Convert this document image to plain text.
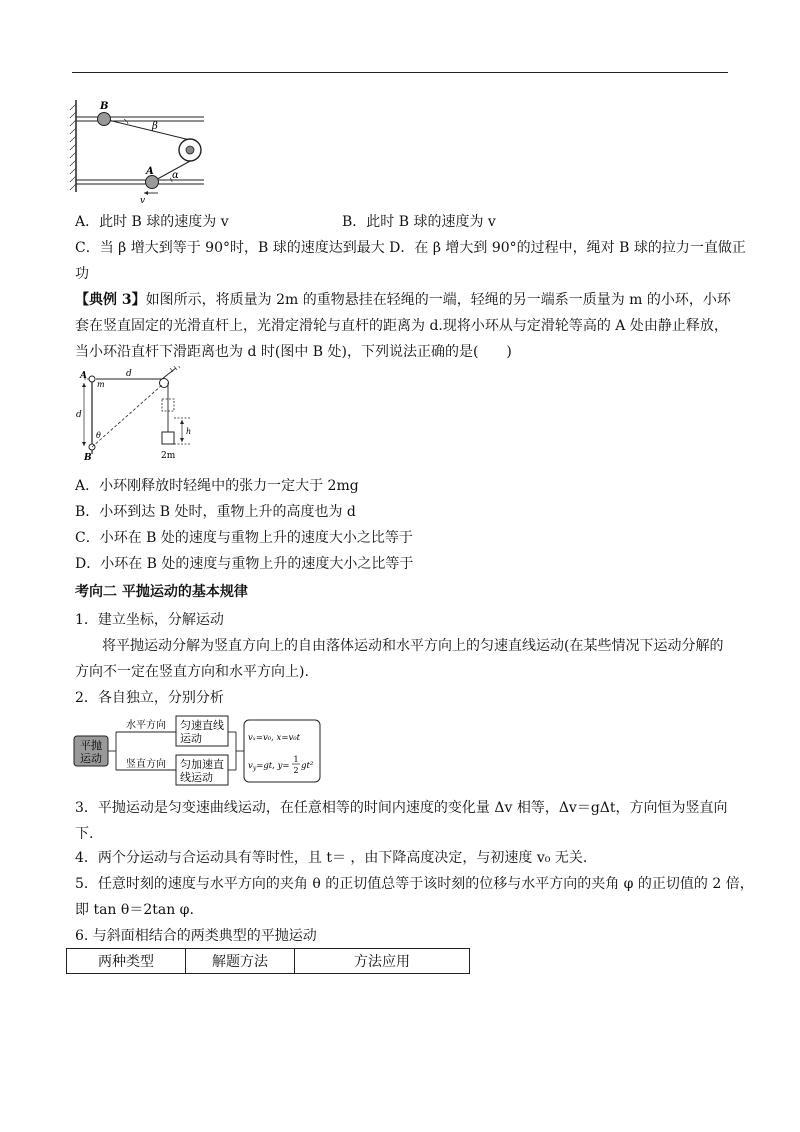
B
β
A α
v
A．此时 B 球的速度为 v	B．此时 B 球的速度为 v
C．当 β 增大到等于 90°时，B 球的速度达到最大 D．在 β 增大到 90°的过程中，绳对 B 球的拉力一直做正
功
【典例 3】如图所示，将质量为 2m 的重物悬挂在轻绳的一端，轻绳的另一端系一质量为 m 的小环，小环
套在竖直固定的光滑直杆上，光滑定滑轮与直杆的距离为 d.现将小环从与定滑轮等高的 A 处由静止释放，
当小环沿直杆下滑距离也为 d 时(图中 B 处)，下列说法正确的是(　　)
A
m
d
d
θ
B
h
2m
A．小环刚释放时轻绳中的张力一定大于 2mg
B．小环到达 B 处时，重物上升的高度也为 d
C．小环在 B 处的速度与重物上升的速度大小之比等于
D．小环在 B 处的速度与重物上升的速度大小之比等于
考向二 平抛运动的基本规律
1．建立坐标，分解运动
将平抛运动分解为竖直方向上的自由落体运动和水平方向上的匀速直线运动(在某些情况下运动分解的
方向不一定在竖直方向和水平方向上).
2．各自独立，分别分析
平抛
运动
水平方向
竖直方向
匀速直线
运动
匀加速直
线运动
vₓ=v₀, x=v₀t
$v_y=gt$, y=
1
2 gt²
3．平抛运动是匀变速曲线运动，在任意相等的时间内速度的变化量 Δv 相等，Δv＝gΔt，方向恒为竖直向
下.
4．两个分运动与合运动具有等时性，且 t＝ ，由下降高度决定，与初速度 v₀ 无关.
5．任意时刻的速度与水平方向的夹角 θ 的正切值总等于该时刻的位移与水平方向的夹角 φ 的正切值的 2 倍，
即 tan θ＝2tan φ.
6. 与斜面相结合的两类典型的平抛运动
两种类型	解题方法	方法应用
